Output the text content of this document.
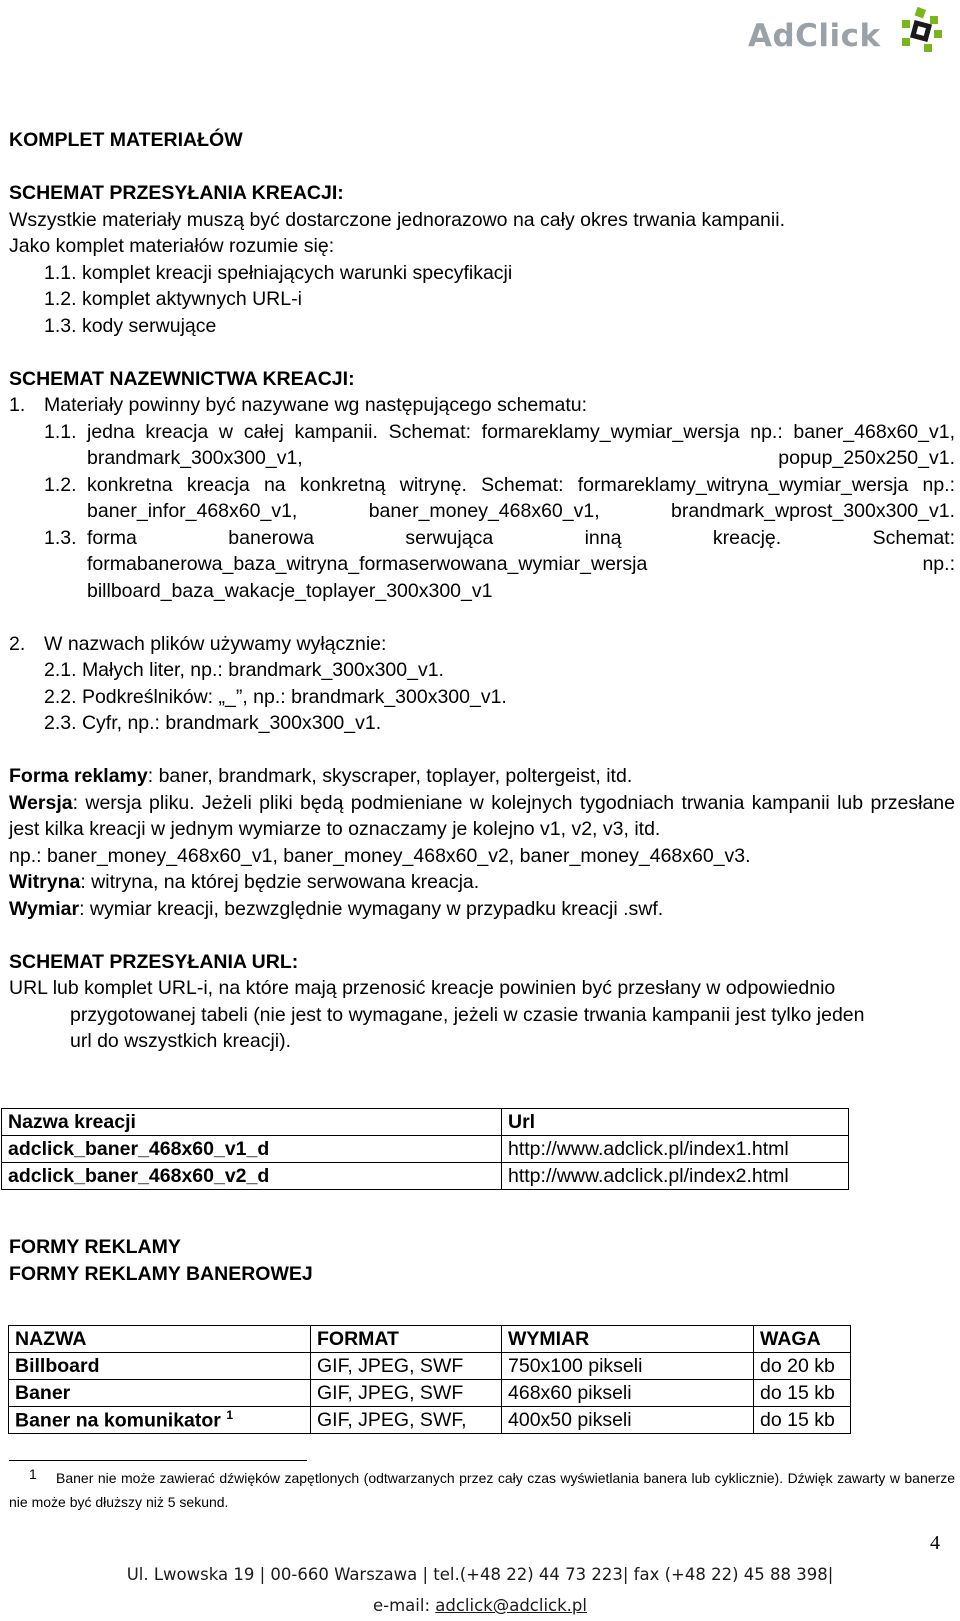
AdClick
KOMPLET MATERIAŁÓW
SCHEMAT PRZESYŁANIA KREACJI:
Wszystkie materiały muszą być dostarczone jednorazowo na cały okres trwania kampanii.
Jako komplet materiałów rozumie się:
1.1. komplet kreacji spełniających warunki specyfikacji
1.2. komplet aktywnych URL-i
1.3. kody serwujące
SCHEMAT NAZEWNICTWA KREACJI:
1. Materiały powinny być nazywane wg następującego schematu:
1.1. jedna kreacja w całej kampanii. Schemat: formareklamy_wymiar_wersja np.: baner_468x60_v1, brandmark_300x300_v1, popup_250x250_v1.
1.2. konkretna kreacja na konkretną witrynę. Schemat: formareklamy_witryna_wymiar_wersja np.: baner_infor_468x60_v1, baner_money_468x60_v1, brandmark_wprost_300x300_v1.
1.3. forma banerowa serwująca inną kreację. Schemat: formabanerowa_baza_witryna_formaserwowana_wymiar_wersja np.: billboard_baza_wakacje_toplayer_300x300_v1
2. W nazwach plików używamy wyłącznie:
2.1. Małych liter, np.: brandmark_300x300_v1.
2.2. Podkreślników: „_”, np.: brandmark_300x300_v1.
2.3. Cyfr, np.: brandmark_300x300_v1.
Forma reklamy: baner, brandmark, skyscraper, toplayer, poltergeist, itd.
Wersja: wersja pliku. Jeżeli pliki będą podmieniane w kolejnych tygodniach trwania kampanii lub przesłane jest kilka kreacji w jednym wymiarze to oznaczamy je kolejno v1, v2, v3, itd.
np.: baner_money_468x60_v1, baner_money_468x60_v2, baner_money_468x60_v3.
Witryna: witryna, na której będzie serwowana kreacja.
Wymiar: wymiar kreacji, bezwzględnie wymagany w przypadku kreacji .swf.
SCHEMAT PRZESYŁANIA URL:
URL lub komplet URL-i, na które mają przenosić kreacje powinien być przesłany w odpowiednio przygotowanej tabeli (nie jest to wymagane, jeżeli w czasie trwania kampanii jest tylko jeden url do wszystkich kreacji).
Nazwa kreacji	Url
adclick_baner_468x60_v1_d	http://www.adclick.pl/index1.html
adclick_baner_468x60_v2_d	http://www.adclick.pl/index2.html
FORMY REKLAMY
FORMY REKLAMY BANEROWEJ
NAZWA	FORMAT	WYMIAR	WAGA
Billboard	GIF, JPEG, SWF	750x100 pikseli	do 20 kb
Baner	GIF, JPEG, SWF	468x60 pikseli	do 15 kb
Baner na komunikator $^1$	GIF, JPEG, SWF,	400x50 pikseli	do 15 kb
1	Baner nie może zawierać dźwięków zapętlonych (odtwarzanych przez cały czas wyświetlania banera lub cyklicznie). Dźwięk zawarty w banerze nie może być dłuższy niż 5 sekund.
4
Ul. Lwowska 19 | 00-660 Warszawa | tel.(+48 22) 44 73 223| fax (+48 22) 45 88 398|
e-mail: adclick@adclick.pl
